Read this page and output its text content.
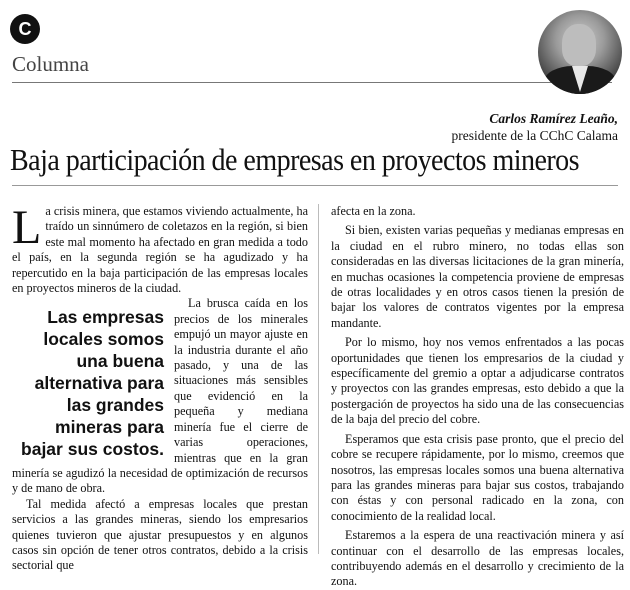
C
Columna
Carlos Ramírez Leaño,
presidente de la CChC Calama
Baja participación de empresas en proyectos mineros

La crisis minera, que estamos viviendo actualmente, ha traído un sinnúmero de coletazos en la región, si bien este mal momento ha afectado en gran medida a todo el país, en la segunda región se ha agudizado y ha repercutido en la baja participación de las empresas locales en proyectos mineros de la ciudad.

Las empresas locales somos una buena alternativa para las grandes mineras para bajar sus costos.

La brusca caída en los precios de los minerales empujó un mayor ajuste en la industria durante el año pasado, y una de las situaciones más sensibles que evidenció en la pequeña y mediana minería fue el cierre de varias operaciones, mientras que en la gran minería se agudizó la necesidad de optimización de recursos y de mano de obra.

Tal medida afectó a empresas locales que prestan servicios a las grandes mineras, siendo los empresarios quienes tuvieron que ajustar presupuestos y en algunos casos sin opción de tener otros contratos, debido a la crisis sectorial que

afecta en la zona.

Si bien, existen varias pequeñas y medianas empresas en la ciudad en el rubro minero, no todas ellas son consideradas en las diversas licitaciones de la gran minería, en muchas ocasiones la competencia proviene de empresas de otras localidades y en otros casos tienen la presión de bajar los valores de contratos vigentes por la empresa mandante.

Por lo mismo, hoy nos vemos enfrentados a las pocas oportunidades que tienen los empresarios de la ciudad y específicamente del gremio a optar a adjudicarse contratos y proyectos con las grandes empresas, esto debido a que la postergación de proyectos ha sido una de las consecuencias de la baja del precio del cobre.

Esperamos que esta crisis pase pronto, que el precio del cobre se recupere rápidamente, por lo mismo, creemos que nosotros, las empresas locales somos una buena alternativa para las grandes mineras para bajar sus costos, trabajando con éstas y con personal radicado en la zona, con conocimiento de la realidad local.

Estaremos a la espera de una reactivación minera y así continuar con el desarrollo de las empresas locales, contribuyendo además en el desarrollo y crecimiento de la zona.
